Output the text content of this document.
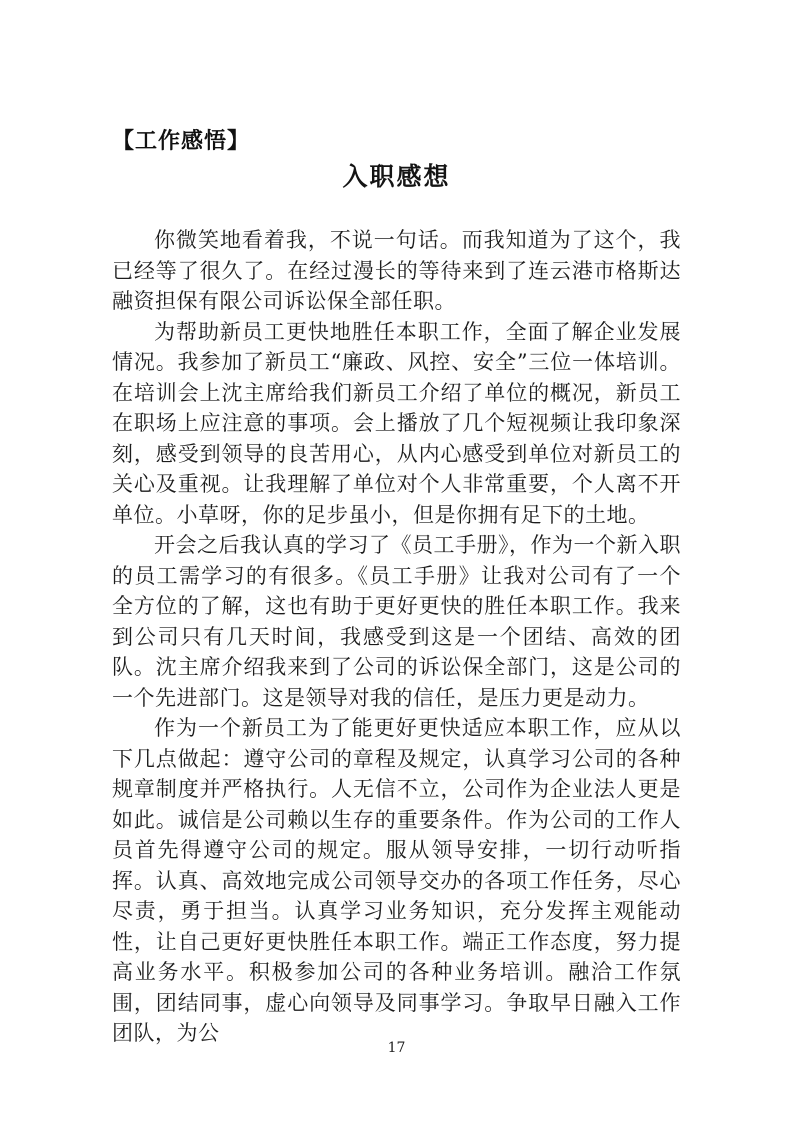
【工作感悟】
入职感想

你微笑地看着我，不说一句话。而我知道为了这个，我已经等了很久了。在经过漫长的等待来到了连云港市格斯达融资担保有限公司诉讼保全部任职。

为帮助新员工更快地胜任本职工作，全面了解企业发展情况。我参加了新员工“廉政、风控、安全”三位一体培训。在培训会上沈主席给我们新员工介绍了单位的概况，新员工在职场上应注意的事项。会上播放了几个短视频让我印象深刻，感受到领导的良苦用心，从内心感受到单位对新员工的关心及重视。让我理解了单位对个人非常重要，个人离不开单位。小草呀，你的足步虽小，但是你拥有足下的土地。

开会之后我认真的学习了《员工手册》，作为一个新入职的员工需学习的有很多。《员工手册》让我对公司有了一个全方位的了解，这也有助于更好更快的胜任本职工作。我来到公司只有几天时间，我感受到这是一个团结、高效的团队。沈主席介绍我来到了公司的诉讼保全部门，这是公司的一个先进部门。这是领导对我的信任，是压力更是动力。

作为一个新员工为了能更好更快适应本职工作，应从以下几点做起：遵守公司的章程及规定，认真学习公司的各种规章制度并严格执行。人无信不立，公司作为企业法人更是如此。诚信是公司赖以生存的重要条件。作为公司的工作人员首先得遵守公司的规定。服从领导安排，一切行动听指挥。认真、高效地完成公司领导交办的各项工作任务，尽心尽责，勇于担当。认真学习业务知识，充分发挥主观能动性，让自己更好更快胜任本职工作。端正工作态度，努力提高业务水平。积极参加公司的各种业务培训。融洽工作氛围，团结同事，虚心向领导及同事学习。争取早日融入工作团队，为公

17
